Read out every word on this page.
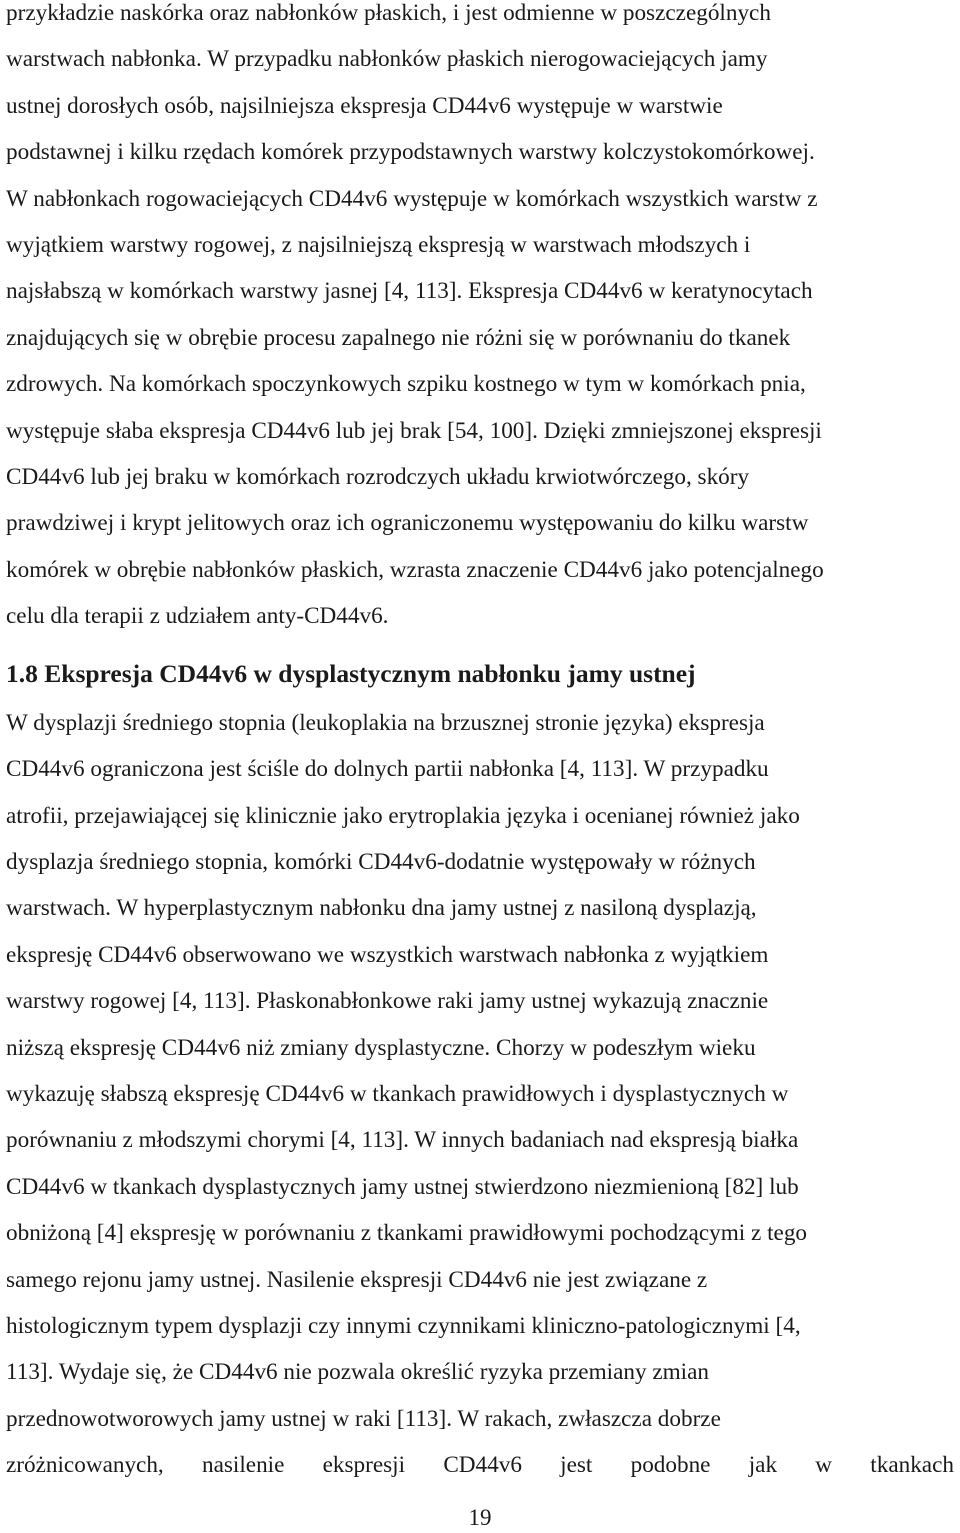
przykładzie naskórka oraz nabłonków płaskich, i jest odmienne w poszczególnych
warstwach nabłonka. W przypadku nabłonków płaskich nierogowaciejących jamy
ustnej dorosłych osób, najsilniejsza ekspresja CD44v6 występuje w warstwie
podstawnej i kilku rzędach komórek przypodstawnych warstwy kolczystokomórkowej.
W nabłonkach rogowaciejących CD44v6 występuje w komórkach wszystkich warstw z
wyjątkiem warstwy rogowej, z najsilniejszą ekspresją w warstwach młodszych i
najsłabszą w komórkach warstwy jasnej [4, 113]. Ekspresja CD44v6 w keratynocytach
znajdujących się w obrębie procesu zapalnego nie różni się w porównaniu do tkanek
zdrowych. Na komórkach spoczynkowych szpiku kostnego w tym w komórkach pnia,
występuje słaba ekspresja CD44v6 lub jej brak [54, 100]. Dzięki zmniejszonej ekspresji
CD44v6 lub jej braku w komórkach rozrodczych układu krwiotwórczego, skóry
prawdziwej i krypt jelitowych oraz ich ograniczonemu występowaniu do kilku warstw
komórek w obrębie nabłonków płaskich, wzrasta znaczenie CD44v6 jako potencjalnego
celu dla terapii z udziałem anty-CD44v6.

1.8 Ekspresja CD44v6 w dysplastycznym nabłonku jamy ustnej

W dysplazji średniego stopnia (leukoplakia na brzusznej stronie języka) ekspresja
CD44v6 ograniczona jest ściśle do dolnych partii nabłonka [4, 113]. W przypadku
atrofii, przejawiającej się klinicznie jako erytroplakia języka i ocenianej również jako
dysplazja średniego stopnia, komórki CD44v6-dodatnie występowały w różnych
warstwach. W hyperplastycznym nabłonku dna jamy ustnej z nasiloną dysplazją,
ekspresję CD44v6 obserwowano we wszystkich warstwach nabłonka z wyjątkiem
warstwy rogowej [4, 113]. Płaskonabłonkowe raki jamy ustnej wykazują znacznie
niższą ekspresję CD44v6 niż zmiany dysplastyczne. Chorzy w podeszłym wieku
wykazuję słabszą ekspresję CD44v6 w tkankach prawidłowych i dysplastycznych w
porównaniu z młodszymi chorymi [4, 113]. W innych badaniach nad ekspresją białka
CD44v6 w tkankach dysplastycznych jamy ustnej stwierdzono niezmienioną [82] lub
obniżoną [4] ekspresję w porównaniu z tkankami prawidłowymi pochodzącymi z tego
samego rejonu jamy ustnej. Nasilenie ekspresji CD44v6 nie jest związane z
histologicznym typem dysplazji czy innymi czynnikami kliniczno-patologicznymi [4,
113]. Wydaje się, że CD44v6 nie pozwala określić ryzyka przemiany zmian
przednowotworowych jamy ustnej w raki [113]. W rakach, zwłaszcza dobrze
zróżnicowanych, nasilenie ekspresji CD44v6 jest podobne jak w tkankach

19
